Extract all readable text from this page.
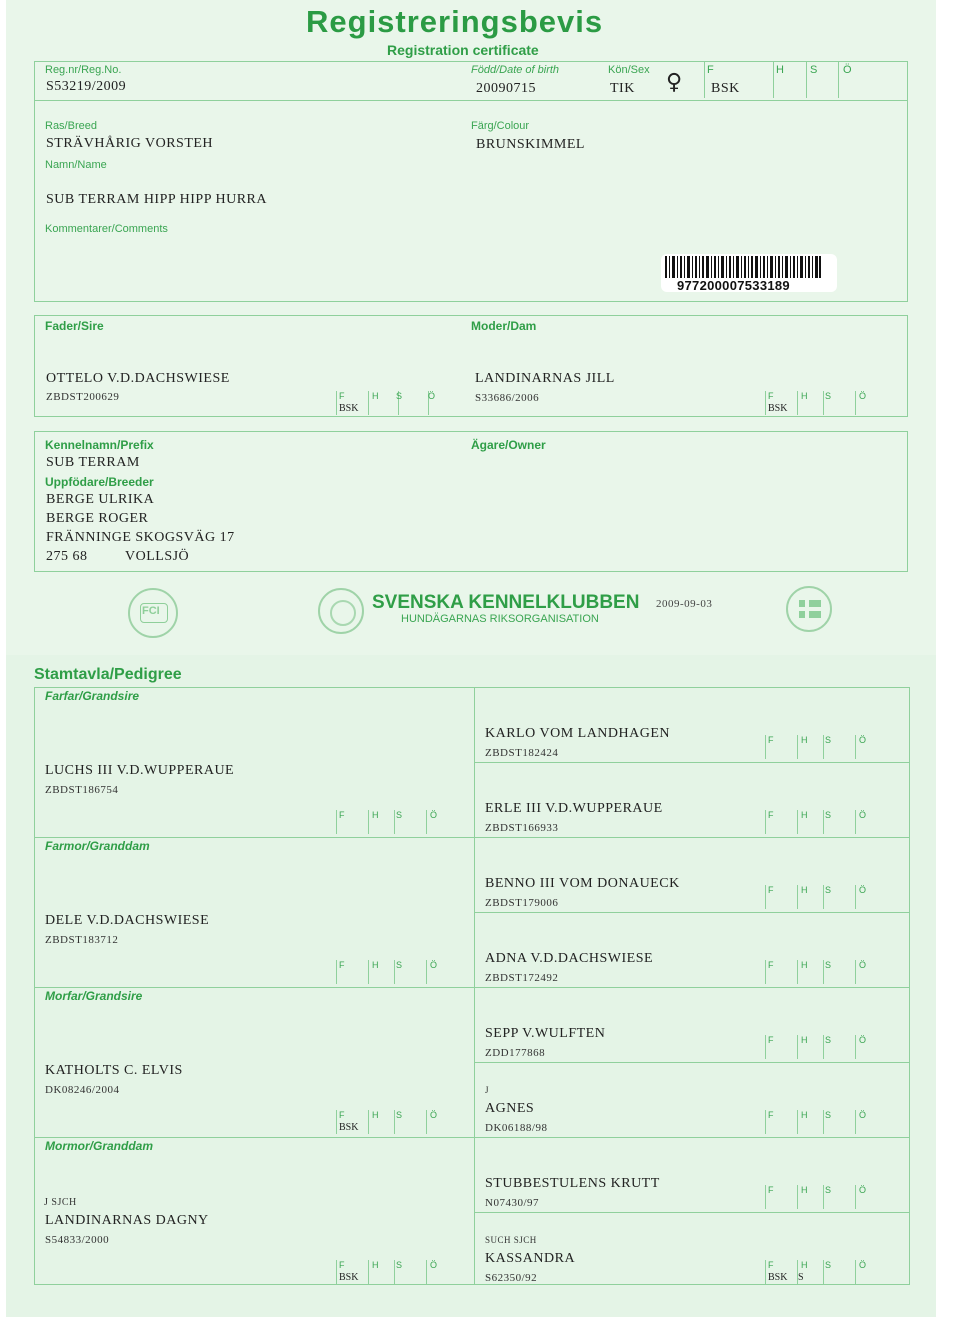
Registreringsbevis
Registration certificate
Reg.nr/Reg.No.
S53219/2009
Född/Date of birth
20090715
Kön/Sex
TIK ♀ F	H S Ö
BSK
Ras/Breed
STRÄVHÅRIG VORSTEH
Färg/Colour
BRUNSKIMMEL
Namn/Name
SUB TERRAM HIPP HIPP HURRA
Kommentarer/Comments
977200007533189
Fader/Sire	Moder/Dam
OTTELO V.D.DACHSWIESE
ZBDST200629
LANDINARNAS JILL
S33686/2006
F	H S	Ö
BSK
F	H S	Ö
BSK
Kennelnamn/Prefix
SUB TERRAM
Uppfödare/Breeder
BERGE ULRIKA
BERGE ROGER
FRÄNNINGE SKOGSVÄG 17
275 68	VOLLSJÖ
Ägare/Owner
FCI	SVENSKA KENNELKLUBBEN
HUNDÄGARNAS RIKSORGANISATION
2009-09-03
Stamtavla/Pedigree
Farfar/Grandsire
Farmor/Granddam
Morfar/Grandsire
Mormor/Granddam
LUCHS III V.D.WUPPERAUE
ZBDST186754
F	H S	Ö
DELE V.D.DACHSWIESE
ZBDST183712
F	H S	Ö
KATHOLTS C. ELVIS
DK08246/2004
F	H S	Ö
BSK
J SJCH
LANDINARNAS DAGNY
S54833/2000
F	H S	Ö
BSK
KARLO VOM LANDHAGEN
ZBDST182424
F	H S	Ö
ERLE III V.D.WUPPERAUE
ZBDST166933
F	H S	Ö
BENNO III VOM DONAUECK
ZBDST179006
F	H S	Ö
ADNA V.D.DACHSWIESE
ZBDST172492
F	H S	Ö
SEPP V.WULFTEN
ZDD177868
F	H S	Ö
J
AGNES
DK06188/98
F	H S	Ö
STUBBESTULENS KRUTT
N07430/97
F	H S	Ö
SUCH SJCH
KASSANDRA
S62350/92
F	H S	Ö
BSK S
